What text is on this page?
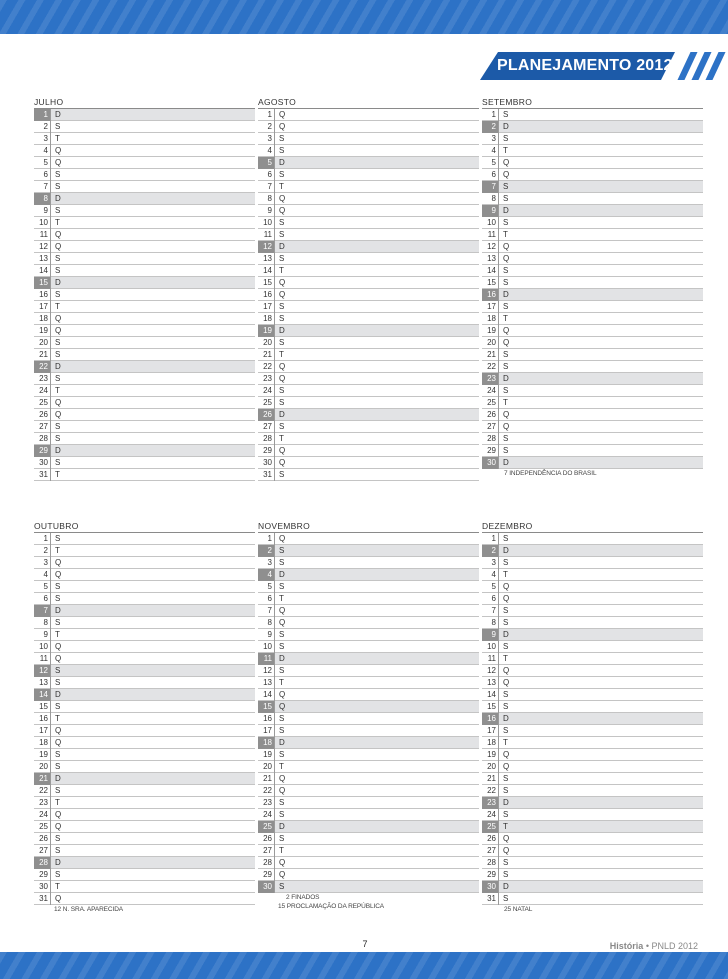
PLANEJAMENTO 2012
JULHO
1 D
2 S
3 T
4 Q
5 Q
6 S
7 S
8 D
9 S
10 T
11 Q
12 Q
13 S
14 S
15 D
16 S
17 T
18 Q
19 Q
20 S
21 S
22 D
23 S
24 T
25 Q
26 Q
27 S
28 S
29 D
30 S
31 T
AGOSTO
1 Q
2 Q
3 S
4 S
5 D
6 S
7 T
8 Q
9 Q
10 S
11 S
12 D
13 S
14 T
15 Q
16 Q
17 S
18 S
19 D
20 S
21 T
22 Q
23 Q
24 S
25 S
26 D
27 S
28 T
29 Q
30 Q
31 S
SETEMBRO
1 S
2 D
3 S
4 T
5 Q
6 Q
7 S
8 S
9 D
10 S
11 T
12 Q
13 Q
14 S
15 S
16 D
17 S
18 T
19 Q
20 Q
21 S
22 S
23 D
24 S
25 T
26 Q
27 Q
28 S
29 S
30 D
7 INDEPENDÊNCIA DO BRASIL
OUTUBRO
1 S
2 T
3 Q
4 Q
5 S
6 S
7 D
8 S
9 T
10 Q
11 Q
12 S
13 S
14 D
15 S
16 T
17 Q
18 Q
19 S
20 S
21 D
22 S
23 T
24 Q
25 Q
26 S
27 S
28 D
29 S
30 T
31 Q
12 N. SRA. APARECIDA
NOVEMBRO
1 Q
2 S
3 S
4 D
5 S
6 T
7 Q
8 Q
9 S
10 S
11 D
12 S
13 T
14 Q
15 Q
16 S
17 S
18 D
19 S
20 T
21 Q
22 Q
23 S
24 S
25 D
26 S
27 T
28 Q
29 Q
30 S
2 FINADOS
15 PROCLAMAÇÃO DA REPÚBLICA
DEZEMBRO
1 S
2 D
3 S
4 T
5 Q
6 Q
7 S
8 S
9 D
10 S
11 T
12 Q
13 Q
14 S
15 S
16 D
17 S
18 T
19 Q
20 Q
21 S
22 S
23 D
24 S
25 T
26 Q
27 Q
28 S
29 S
30 D
31 S
25 NATAL
7	História • PNLD 2012
